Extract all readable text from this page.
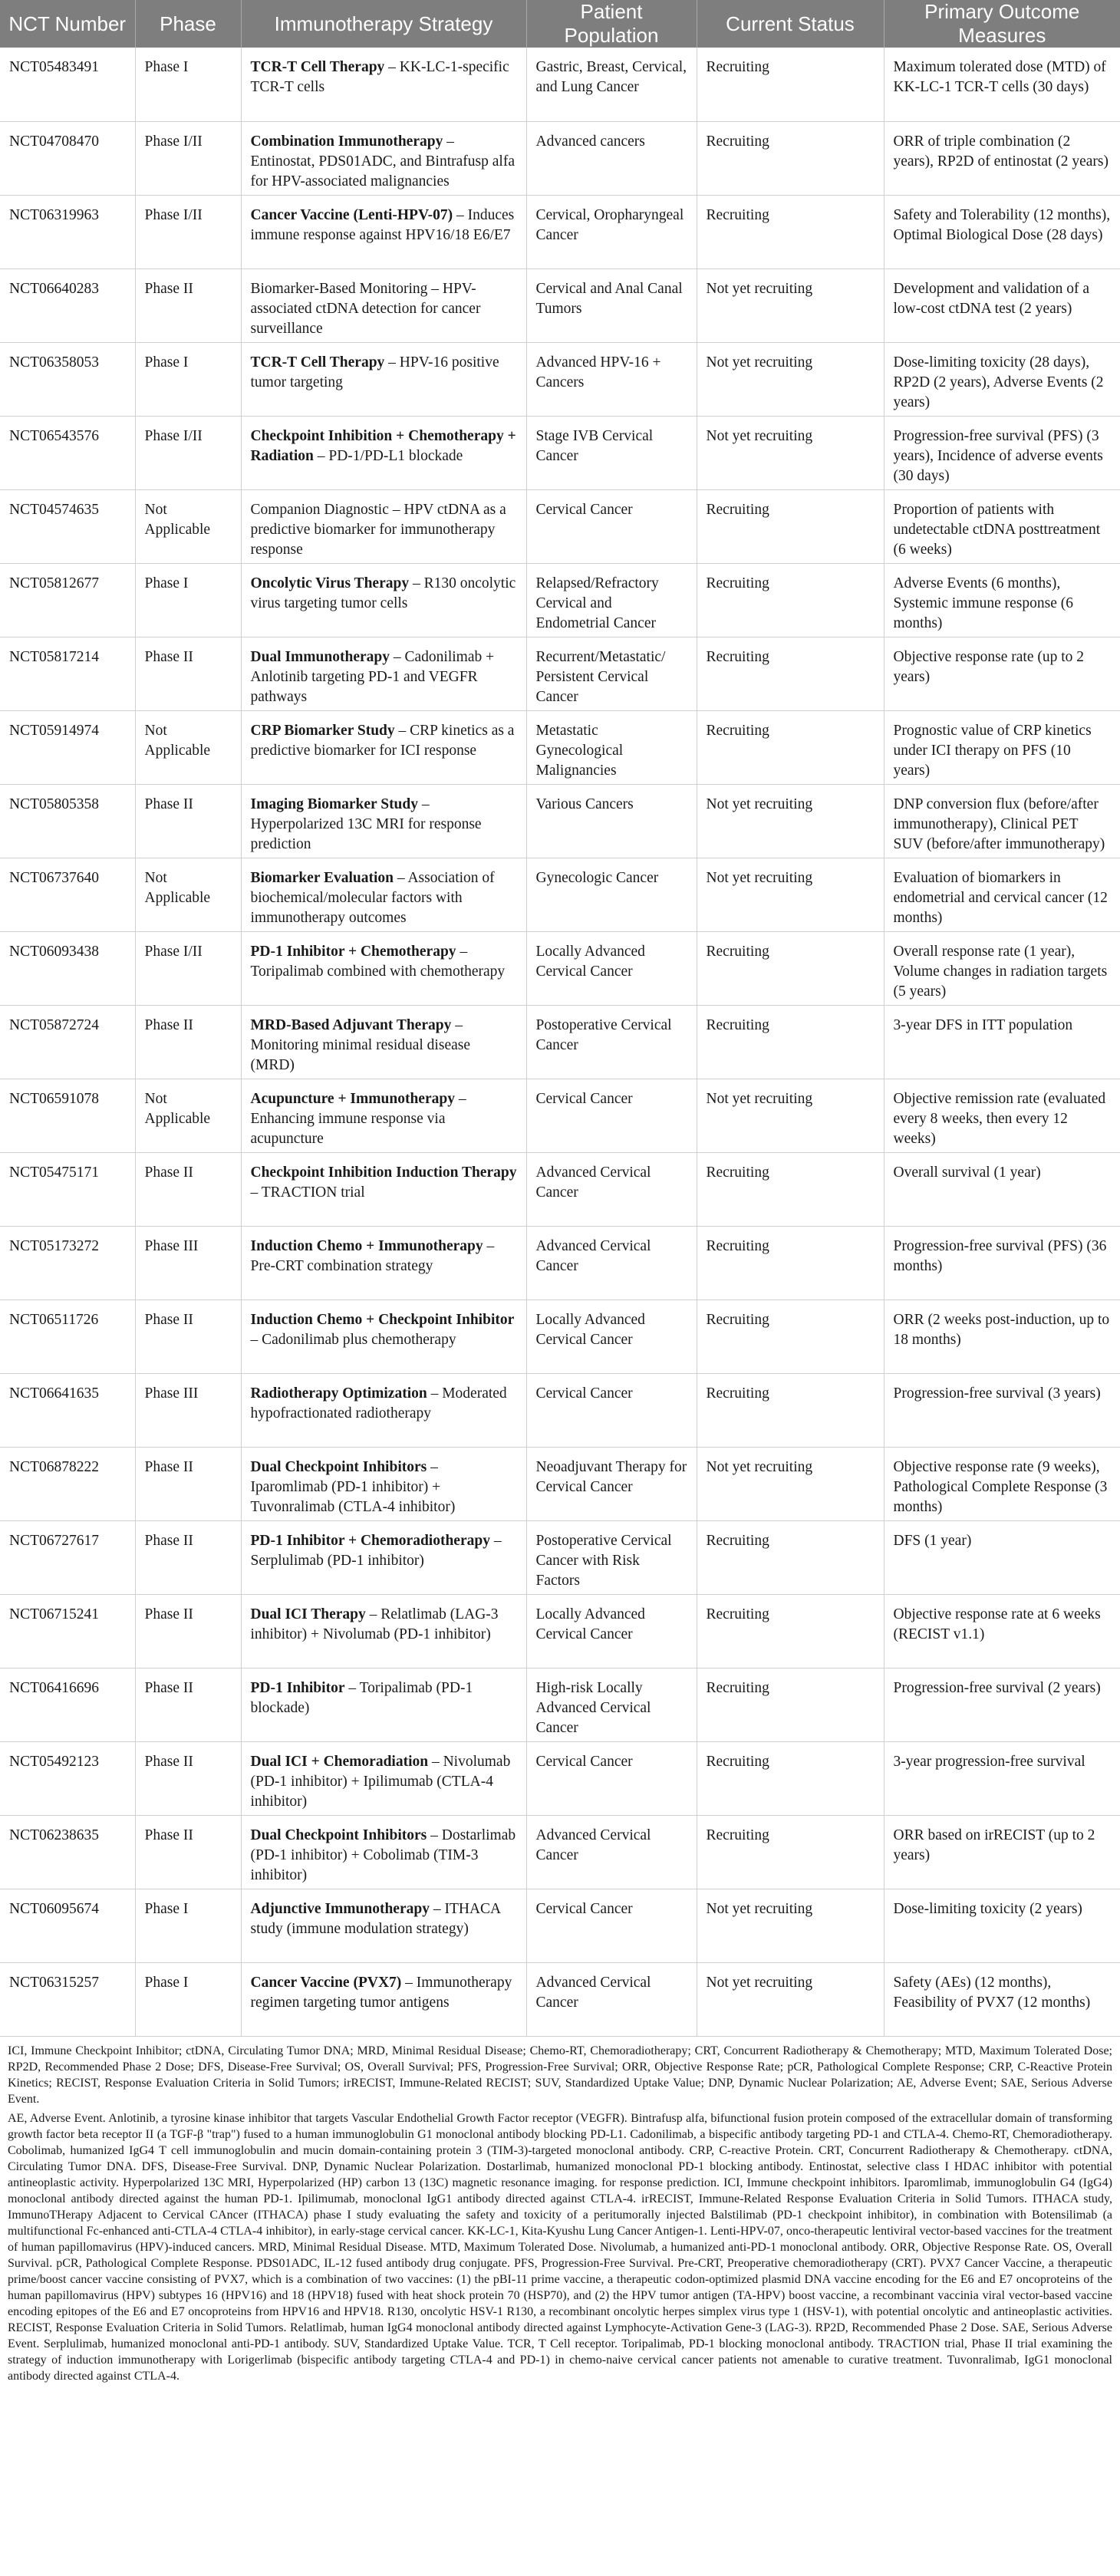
NCT Number	Phase	Immunotherapy Strategy	Patient Population	Current Status	Primary Outcome Measures
NCT05483491	Phase I	TCR-T Cell Therapy – KK-LC-1-specific TCR-T cells	Gastric, Breast, Cervical, and Lung Cancer	Recruiting	Maximum tolerated dose (MTD) of KK-LC-1 TCR-T cells (30 days)
NCT04708470	Phase I/II	Combination Immunotherapy – Entinostat, PDS01ADC, and Bintrafusp alfa for HPV-associated malignancies	Advanced cancers	Recruiting	ORR of triple combination (2 years), RP2D of entinostat (2 years)
NCT06319963	Phase I/II	Cancer Vaccine (Lenti-HPV-07) – Induces immune response against HPV16/18 E6/E7	Cervical, Oropharyngeal Cancer	Recruiting	Safety and Tolerability (12 months), Optimal Biological Dose (28 days)
NCT06640283	Phase II	Biomarker-Based Monitoring – HPV-associated ctDNA detection for cancer surveillance	Cervical and Anal Canal Tumors	Not yet recruiting	Development and validation of a low-cost ctDNA test (2 years)
NCT06358053	Phase I	TCR-T Cell Therapy – HPV-16 positive tumor targeting	Advanced HPV-16 + Cancers	Not yet recruiting	Dose-limiting toxicity (28 days), RP2D (2 years), Adverse Events (2 years)
NCT06543576	Phase I/II	Checkpoint Inhibition + Chemotherapy + Radiation – PD-1/PD-L1 blockade	Stage IVB Cervical Cancer	Not yet recruiting	Progression-free survival (PFS) (3 years), Incidence of adverse events (30 days)
NCT04574635	Not Applicable	Companion Diagnostic – HPV ctDNA as a predictive biomarker for immunotherapy response	Cervical Cancer	Recruiting	Proportion of patients with undetectable ctDNA posttreatment (6 weeks)
NCT05812677	Phase I	Oncolytic Virus Therapy – R130 oncolytic virus targeting tumor cells	Relapsed/Refractory Cervical and Endometrial Cancer	Recruiting	Adverse Events (6 months), Systemic immune response (6 months)
NCT05817214	Phase II	Dual Immunotherapy – Cadonilimab + Anlotinib targeting PD-1 and VEGFR pathways	Recurrent/Metastatic/ Persistent Cervical Cancer	Recruiting	Objective response rate (up to 2 years)
NCT05914974	Not Applicable	CRP Biomarker Study – CRP kinetics as a predictive biomarker for ICI response	Metastatic Gynecological Malignancies	Recruiting	Prognostic value of CRP kinetics under ICI therapy on PFS (10 years)
NCT05805358	Phase II	Imaging Biomarker Study – Hyperpolarized 13C MRI for response prediction	Various Cancers	Not yet recruiting	DNP conversion flux (before/after immunotherapy), Clinical PET SUV (before/after immunotherapy)
NCT06737640	Not Applicable	Biomarker Evaluation – Association of biochemical/molecular factors with immunotherapy outcomes	Gynecologic Cancer	Not yet recruiting	Evaluation of biomarkers in endometrial and cervical cancer (12 months)
NCT06093438	Phase I/II	PD-1 Inhibitor + Chemotherapy – Toripalimab combined with chemotherapy	Locally Advanced Cervical Cancer	Recruiting	Overall response rate (1 year), Volume changes in radiation targets (5 years)
NCT05872724	Phase II	MRD-Based Adjuvant Therapy – Monitoring minimal residual disease (MRD)	Postoperative Cervical Cancer	Recruiting	3-year DFS in ITT population
NCT06591078	Not Applicable	Acupuncture + Immunotherapy – Enhancing immune response via acupuncture	Cervical Cancer	Not yet recruiting	Objective remission rate (evaluated every 8 weeks, then every 12 weeks)
NCT05475171	Phase II	Checkpoint Inhibition Induction Therapy – TRACTION trial	Advanced Cervical Cancer	Recruiting	Overall survival (1 year)
NCT05173272	Phase III	Induction Chemo + Immunotherapy – Pre-CRT combination strategy	Advanced Cervical Cancer	Recruiting	Progression-free survival (PFS) (36 months)
NCT06511726	Phase II	Induction Chemo + Checkpoint Inhibitor – Cadonilimab plus chemotherapy	Locally Advanced Cervical Cancer	Recruiting	ORR (2 weeks post-induction, up to 18 months)
NCT06641635	Phase III	Radiotherapy Optimization – Moderated hypofractionated radiotherapy	Cervical Cancer	Recruiting	Progression-free survival (3 years)
NCT06878222	Phase II	Dual Checkpoint Inhibitors – Iparomlimab (PD-1 inhibitor) + Tuvonralimab (CTLA-4 inhibitor)	Neoadjuvant Therapy for Cervical Cancer	Not yet recruiting	Objective response rate (9 weeks), Pathological Complete Response (3 months)
NCT06727617	Phase II	PD-1 Inhibitor + Chemoradiotherapy – Serplulimab (PD-1 inhibitor)	Postoperative Cervical Cancer with Risk Factors	Recruiting	DFS (1 year)
NCT06715241	Phase II	Dual ICI Therapy – Relatlimab (LAG-3 inhibitor) + Nivolumab (PD-1 inhibitor)	Locally Advanced Cervical Cancer	Recruiting	Objective response rate at 6 weeks (RECIST v1.1)
NCT06416696	Phase II	PD-1 Inhibitor – Toripalimab (PD-1 blockade)	High-risk Locally Advanced Cervical Cancer	Recruiting	Progression-free survival (2 years)
NCT05492123	Phase II	Dual ICI + Chemoradiation – Nivolumab (PD-1 inhibitor) + Ipilimumab (CTLA-4 inhibitor)	Cervical Cancer	Recruiting	3-year progression-free survival
NCT06238635	Phase II	Dual Checkpoint Inhibitors – Dostarlimab (PD-1 inhibitor) + Cobolimab (TIM-3 inhibitor)	Advanced Cervical Cancer	Recruiting	ORR based on irRECIST (up to 2 years)
NCT06095674	Phase I	Adjunctive Immunotherapy – ITHACA study (immune modulation strategy)	Cervical Cancer	Not yet recruiting	Dose-limiting toxicity (2 years)
NCT06315257	Phase I	Cancer Vaccine (PVX7) – Immunotherapy regimen targeting tumor antigens	Advanced Cervical Cancer	Not yet recruiting	Safety (AEs) (12 months), Feasibility of PVX7 (12 months)

ICI, Immune Checkpoint Inhibitor; ctDNA, Circulating Tumor DNA; MRD, Minimal Residual Disease; Chemo-RT, Chemoradiotherapy; CRT, Concurrent Radiotherapy & Chemotherapy; MTD, Maximum Tolerated Dose; RP2D, Recommended Phase 2 Dose; DFS, Disease-Free Survival; OS, Overall Survival; PFS, Progression-Free Survival; ORR, Objective Response Rate; pCR, Pathological Complete Response; CRP, C-Reactive Protein Kinetics; RECIST, Response Evaluation Criteria in Solid Tumors; irRECIST, Immune-Related RECIST; SUV, Standardized Uptake Value; DNP, Dynamic Nuclear Polarization; AE, Adverse Event; SAE, Serious Adverse Event.

AE, Adverse Event. Anlotinib, a tyrosine kinase inhibitor that targets Vascular Endothelial Growth Factor receptor (VEGFR). Bintrafusp alfa, bifunctional fusion protein composed of the extracellular domain of transforming growth factor beta receptor II (a TGF-β "trap") fused to a human immunoglobulin G1 monoclonal antibody blocking PD-L1. Cadonilimab, a bispecific antibody targeting PD-1 and CTLA-4. Chemo-RT, Chemoradiotherapy. Cobolimab, humanized IgG4 T cell immunoglobulin and mucin domain-containing protein 3 (TIM-3)-targeted monoclonal antibody. CRP, C-reactive Protein. CRT, Concurrent Radiotherapy & Chemotherapy. ctDNA, Circulating Tumor DNA. DFS, Disease-Free Survival. DNP, Dynamic Nuclear Polarization. Dostarlimab, humanized monoclonal PD-1 blocking antibody. Entinostat, selective class I HDAC inhibitor with potential antineoplastic activity. Hyperpolarized 13C MRI, Hyperpolarized (HP) carbon 13 (13C) magnetic resonance imaging. for response prediction. ICI, Immune checkpoint inhibitors. Iparomlimab, immunoglobulin G4 (IgG4) monoclonal antibody directed against the human PD-1. Ipilimumab, monoclonal IgG1 antibody directed against CTLA-4. irRECIST, Immune-Related Response Evaluation Criteria in Solid Tumors. ITHACA study, ImmunoTHerapy Adjacent to Cervical CAncer (ITHACA) phase I study evaluating the safety and toxicity of a peritumorally injected Balstilimab (PD-1 checkpoint inhibitor), in combination with Botensilimab (a multifunctional Fc-enhanced anti-CTLA-4 CTLA-4 inhibitor), in early-stage cervical cancer. KK-LC-1, Kita-Kyushu Lung Cancer Antigen-1. Lenti-HPV-07, onco-therapeutic lentiviral vector-based vaccines for the treatment of human papillomavirus (HPV)-induced cancers. MRD, Minimal Residual Disease. MTD, Maximum Tolerated Dose. Nivolumab, a humanized anti-PD-1 monoclonal antibody. ORR, Objective Response Rate. OS, Overall Survival. pCR, Pathological Complete Response. PDS01ADC, IL-12 fused antibody drug conjugate. PFS, Progression-Free Survival. Pre-CRT, Preoperative chemoradiotherapy (CRT). PVX7 Cancer Vaccine, a therapeutic prime/boost cancer vaccine consisting of PVX7, which is a combination of two vaccines: (1) the pBI-11 prime vaccine, a therapeutic codon-optimized plasmid DNA vaccine encoding for the E6 and E7 oncoproteins of the human papillomavirus (HPV) subtypes 16 (HPV16) and 18 (HPV18) fused with heat shock protein 70 (HSP70), and (2) the HPV tumor antigen (TA-HPV) boost vaccine, a recombinant vaccinia viral vector-based vaccine encoding epitopes of the E6 and E7 oncoproteins from HPV16 and HPV18. R130, oncolytic HSV-1 R130, a recombinant oncolytic herpes simplex virus type 1 (HSV-1), with potential oncolytic and antineoplastic activities. RECIST, Response Evaluation Criteria in Solid Tumors. Relatlimab, human IgG4 monoclonal antibody directed against Lymphocyte-Activation Gene-3 (LAG-3). RP2D, Recommended Phase 2 Dose. SAE, Serious Adverse Event. Serplulimab, humanized monoclonal anti-PD-1 antibody. SUV, Standardized Uptake Value. TCR, T Cell receptor. Toripalimab, PD-1 blocking monoclonal antibody. TRACTION trial, Phase II trial examining the strategy of induction immunotherapy with Lorigerlimab (bispecific antibody targeting CTLA-4 and PD-1) in chemo-naive cervical cancer patients not amenable to curative treatment. Tuvonralimab, IgG1 monoclonal antibody directed against CTLA-4.
